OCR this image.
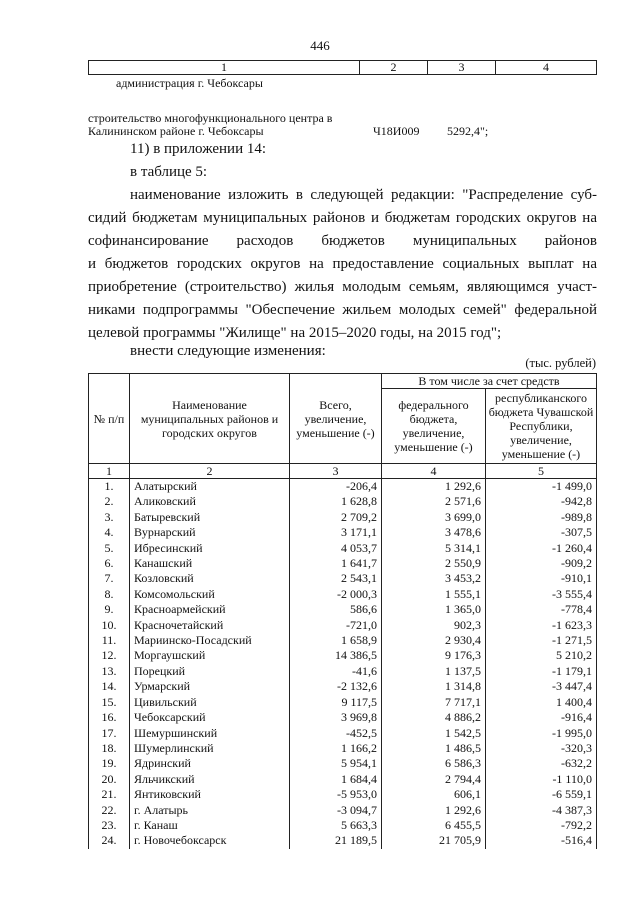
446
1	2	3	4
администрация г. Чебоксары
строительство многофункционального центра в
Калининском районе г. Чебоксары	Ч18И009 5292,4";
11) в приложении 14:
в таблице 5:
наименование изложить в следующей редакции: "Распределение суб-
сидий бюджетам муниципальных районов и бюджетам городских округов на
софинансирование расходов бюджетов муниципальных районов
и бюджетов городских округов на предоставление социальных выплат на
приобретение (строительство) жилья молодым семьям, являющимся участ-
никами подпрограммы "Обеспечение жильем молодых семей" федеральной
целевой программы "Жилище" на 2015–2020 годы, на 2015 год";
внести следующие изменения:
(тыс. рублей)
№ п/п	Наименование муниципальных районов и городских округов	Всего, увеличение, уменьшение (-)	В том числе за счет средств	
			федерального бюджета, увеличение, уменьшение (-)	республиканского бюджета Чувашской Республики, увеличение, уменьшение (-)
1	2	3	4	5
1.	Алатырский	-206,4	1 292,6	-1 499,0
2.	Аликовский	1 628,8	2 571,6	-942,8
3.	Батыревский	2 709,2	3 699,0	-989,8
4.	Вурнарский	3 171,1	3 478,6	-307,5
5.	Ибресинский	4 053,7	5 314,1	-1 260,4
6.	Канашский	1 641,7	2 550,9	-909,2
7.	Козловский	2 543,1	3 453,2	-910,1
8.	Комсомольский	-2 000,3	1 555,1	-3 555,4
9.	Красноармейский	586,6	1 365,0	-778,4
10.	Красночетайский	-721,0	902,3	-1 623,3
11.	Мариинско-Посадский	1 658,9	2 930,4	-1 271,5
12.	Моргаушский	14 386,5	9 176,3	5 210,2
13.	Порецкий	-41,6	1 137,5	-1 179,1
14.	Урмарский	-2 132,6	1 314,8	-3 447,4
15.	Цивильский	9 117,5	7 717,1	1 400,4
16.	Чебоксарский	3 969,8	4 886,2	-916,4
17.	Шемуршинский	-452,5	1 542,5	-1 995,0
18.	Шумерлинский	1 166,2	1 486,5	-320,3
19.	Ядринский	5 954,1	6 586,3	-632,2
20.	Яльчикский	1 684,4	2 794,4	-1 110,0
21.	Янтиковский	-5 953,0	606,1	-6 559,1
22.	г. Алатырь	-3 094,7	1 292,6	-4 387,3
23.	г. Канаш	5 663,3	6 455,5	-792,2
24.	г. Новочебоксарск	21 189,5	21 705,9	-516,4
